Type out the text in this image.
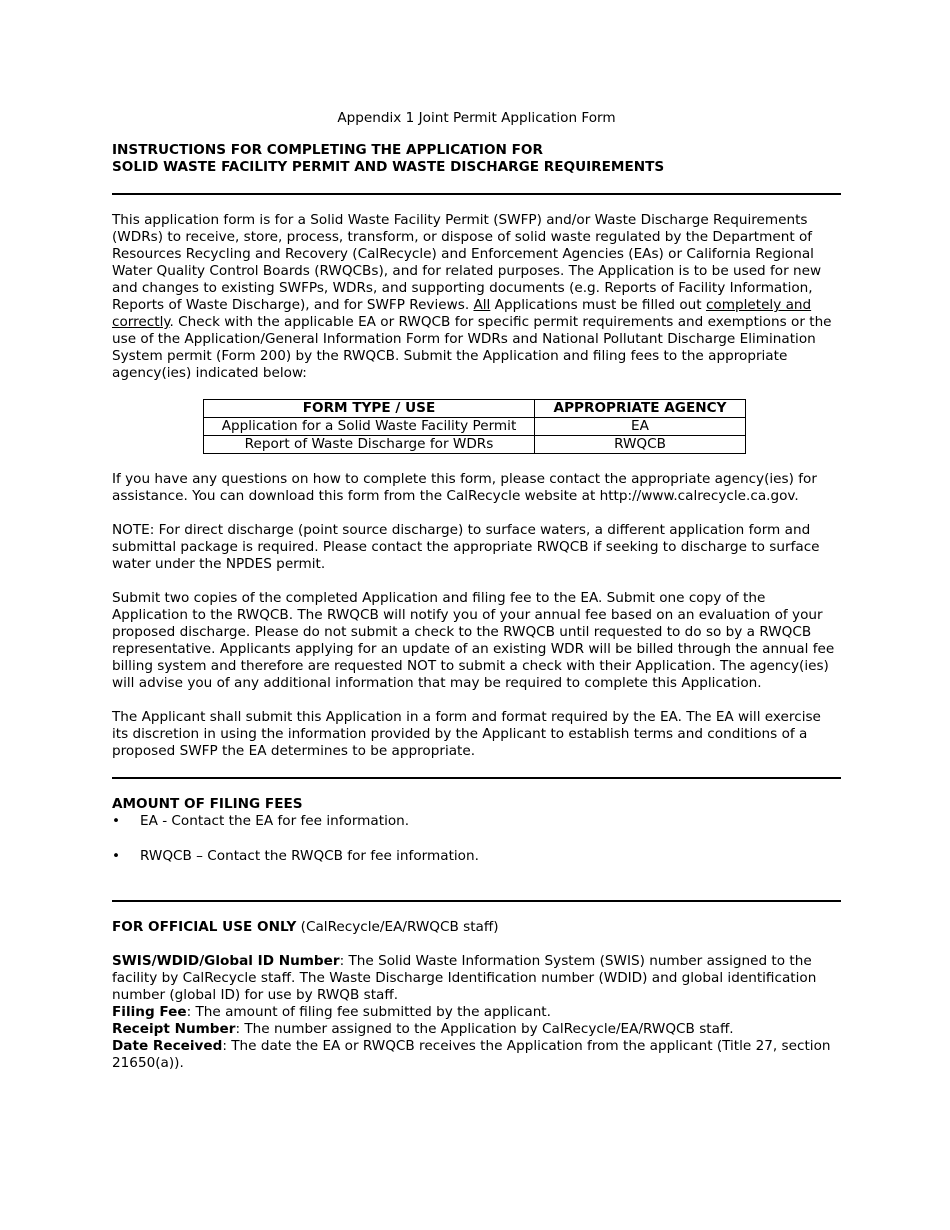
Appendix 1 Joint Permit Application Form
INSTRUCTIONS FOR COMPLETING THE APPLICATION FOR
SOLID WASTE FACILITY PERMIT AND WASTE DISCHARGE REQUIREMENTS

This application form is for a Solid Waste Facility Permit (SWFP) and/or Waste Discharge Requirements (WDRs) to receive, store, process, transform, or dispose of solid waste regulated by the Department of Resources Recycling and Recovery (CalRecycle) and Enforcement Agencies (EAs) or California Regional Water Quality Control Boards (RWQCBs), and for related purposes. The Application is to be used for new and changes to existing SWFPs, WDRs, and supporting documents (e.g. Reports of Facility Information, Reports of Waste Discharge), and for SWFP Reviews. All Applications must be filled out completely and correctly. Check with the applicable EA or RWQCB for specific permit requirements and exemptions or the use of the Application/General Information Form for WDRs and National Pollutant Discharge Elimination System permit (Form 200) by the RWQCB. Submit the Application and filing fees to the appropriate agency(ies) indicated below:

FORM TYPE / USE	APPROPRIATE AGENCY
Application for a Solid Waste Facility Permit	EA
Report of Waste Discharge for WDRs	RWQCB

If you have any questions on how to complete this form, please contact the appropriate agency(ies) for assistance. You can download this form from the CalRecycle website at http://www.calrecycle.ca.gov.

NOTE: For direct discharge (point source discharge) to surface waters, a different application form and submittal package is required. Please contact the appropriate RWQCB if seeking to discharge to surface water under the NPDES permit.

Submit two copies of the completed Application and filing fee to the EA. Submit one copy of the Application to the RWQCB. The RWQCB will notify you of your annual fee based on an evaluation of your proposed discharge. Please do not submit a check to the RWQCB until requested to do so by a RWQCB representative. Applicants applying for an update of an existing WDR will be billed through the annual fee billing system and therefore are requested NOT to submit a check with their Application. The agency(ies) will advise you of any additional information that may be required to complete this Application.

The Applicant shall submit this Application in a form and format required by the EA. The EA will exercise its discretion in using the information provided by the Applicant to establish terms and conditions of a proposed SWFP the EA determines to be appropriate.

AMOUNT OF FILING FEES
• EA - Contact the EA for fee information.
• RWQCB – Contact the RWQCB for fee information.
FOR OFFICIAL USE ONLY (CalRecycle/EA/RWQCB staff)

SWIS/WDID/Global ID Number: The Solid Waste Information System (SWIS) number assigned to the facility by CalRecycle staff. The Waste Discharge Identification number (WDID) and global identification number (global ID) for use by RWQB staff.

Filing Fee: The amount of filing fee submitted by the applicant.

Receipt Number: The number assigned to the Application by CalRecycle/EA/RWQCB staff.

Date Received: The date the EA or RWQCB receives the Application from the applicant (Title 27, section 21650(a)).
